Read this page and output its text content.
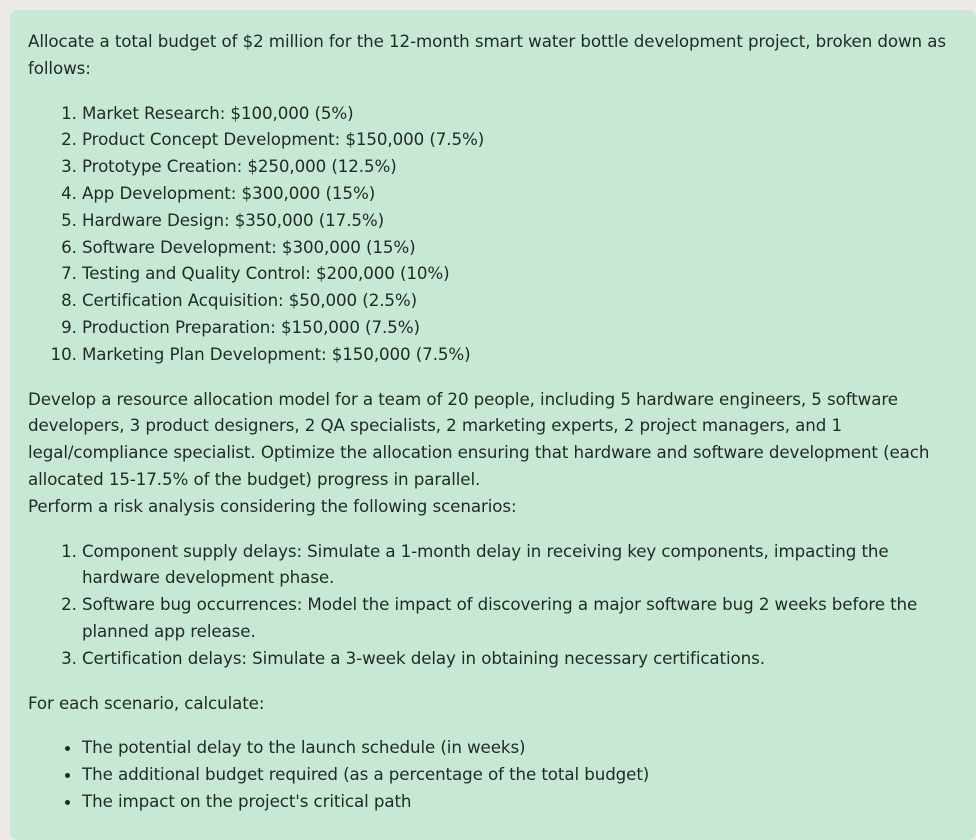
Allocate a total budget of $2 million for the 12-month smart water bottle development project, broken down as follows:

1. Market Research: $100,000 (5%)
2. Product Concept Development: $150,000 (7.5%)
3. Prototype Creation: $250,000 (12.5%)
4. App Development: $300,000 (15%)
5. Hardware Design: $350,000 (17.5%)
6. Software Development: $300,000 (15%)
7. Testing and Quality Control: $200,000 (10%)
8. Certification Acquisition: $50,000 (2.5%)
9. Production Preparation: $150,000 (7.5%)
10. Marketing Plan Development: $150,000 (7.5%)

Develop a resource allocation model for a team of 20 people, including 5 hardware engineers, 5 software developers, 3 product designers, 2 QA specialists, 2 marketing experts, 2 project managers, and 1 legal/compliance specialist. Optimize the allocation ensuring that hardware and software development (each allocated 15-17.5% of the budget) progress in parallel.

Perform a risk analysis considering the following scenarios:

1. Component supply delays: Simulate a 1-month delay in receiving key components, impacting the hardware development phase.
2. Software bug occurrences: Model the impact of discovering a major software bug 2 weeks before the planned app release.
3. Certification delays: Simulate a 3-week delay in obtaining necessary certifications.

For each scenario, calculate:

• The potential delay to the launch schedule (in weeks)
• The additional budget required (as a percentage of the total budget)
• The impact on the project's critical path
